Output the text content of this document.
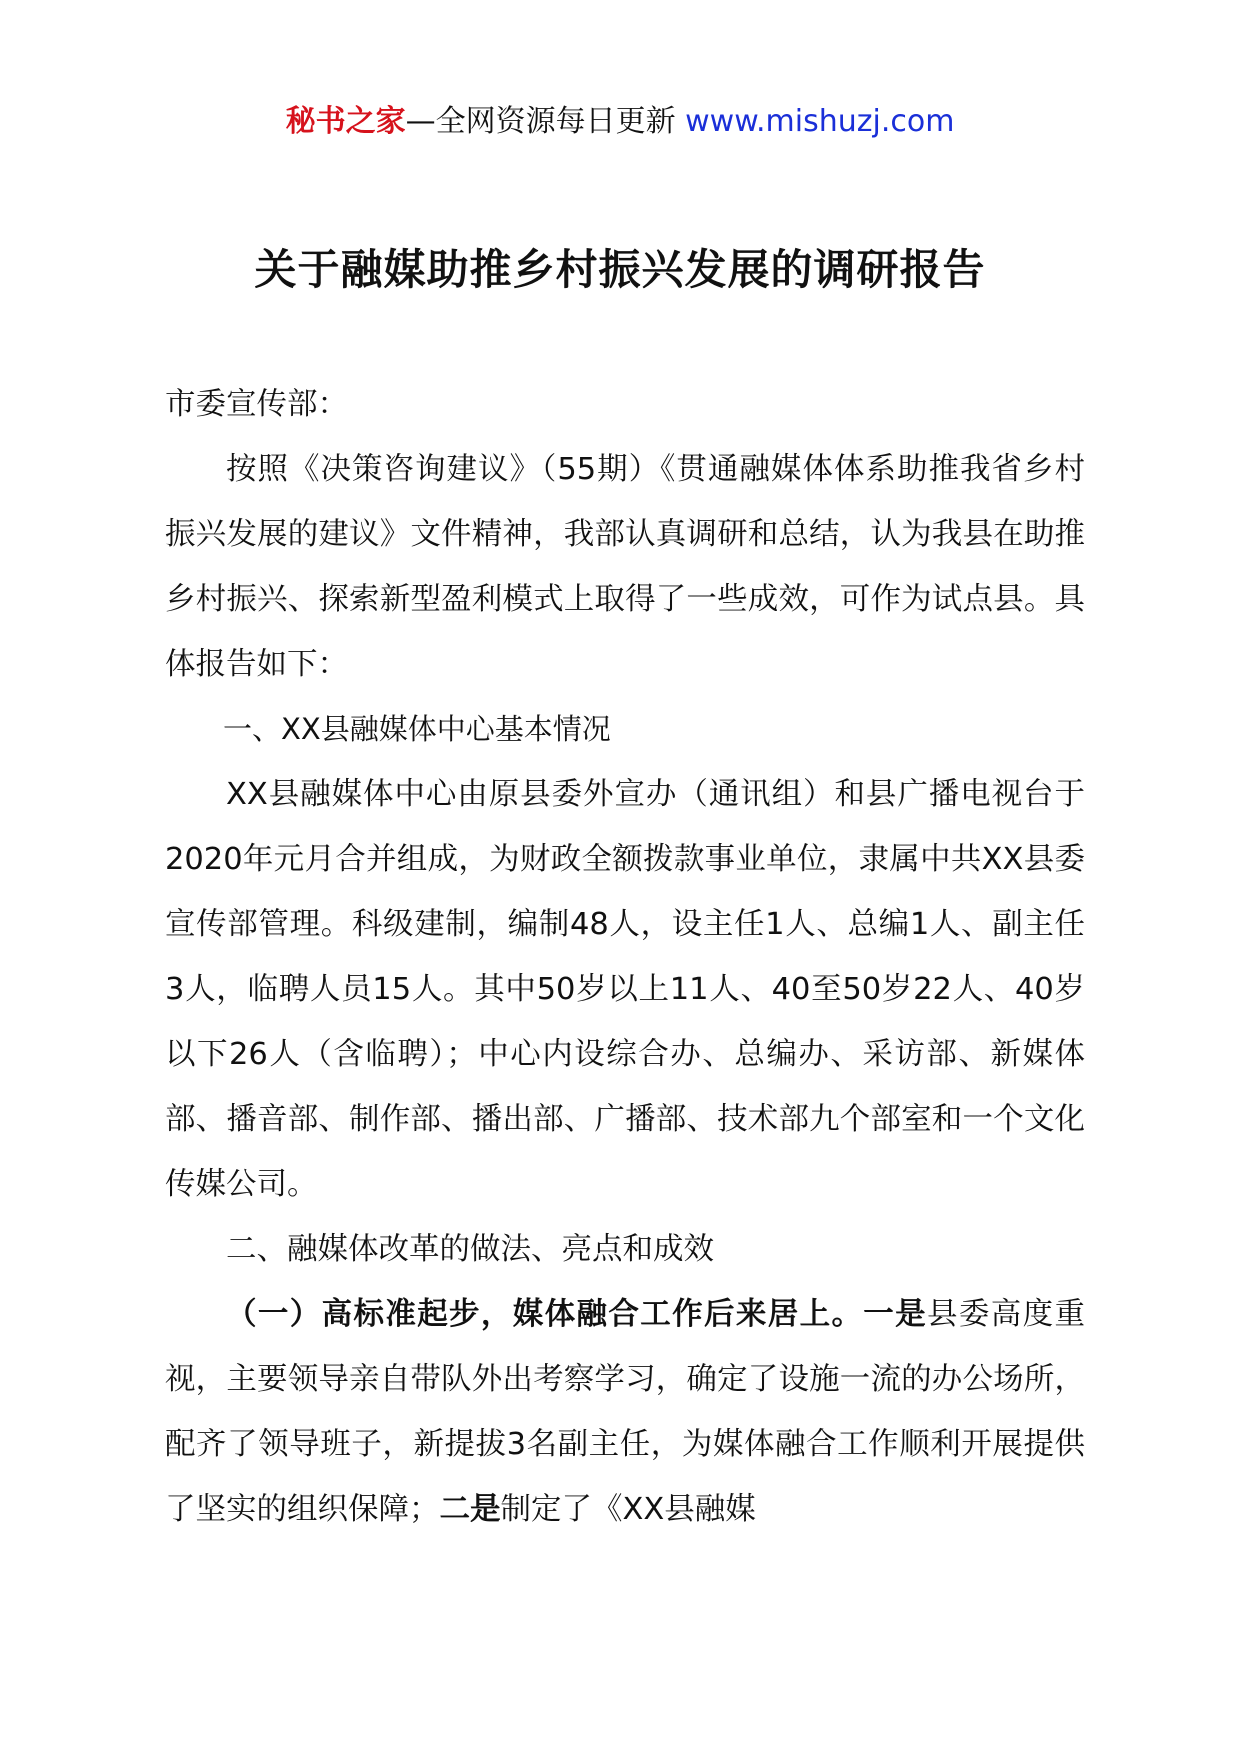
秘书之家—全网资源每日更新 www.mishuzj.com
关于融媒助推乡村振兴发展的调研报告

市委宣传部：

按照《决策咨询建议》（55期）《贯通融媒体体系助推我省乡村振兴发展的建议》文件精神，我部认真调研和总结，认为我县在助推乡村振兴、探索新型盈利模式上取得了一些成效，可作为试点县。具体报告如下：

一、XX县融媒体中心基本情况

XX县融媒体中心由原县委外宣办（通讯组）和县广播电视台于2020年元月合并组成，为财政全额拨款事业单位，隶属中共XX县委宣传部管理。科级建制，编制48人，设主任1人、总编1人、副主任3人，临聘人员15人。其中50岁以上11人、40至50岁22人、40岁以下26人（含临聘）；中心内设综合办、总编办、采访部、新媒体部、播音部、制作部、播出部、广播部、技术部九个部室和一个文化传媒公司。

二、融媒体改革的做法、亮点和成效

（一）高标准起步，媒体融合工作后来居上。一是县委高度重视，主要领导亲自带队外出考察学习，确定了设施一流的办公场所，配齐了领导班子，新提拔3名副主任，为媒体融合工作顺利开展提供了坚实的组织保障；二是制定了《XX县融媒
